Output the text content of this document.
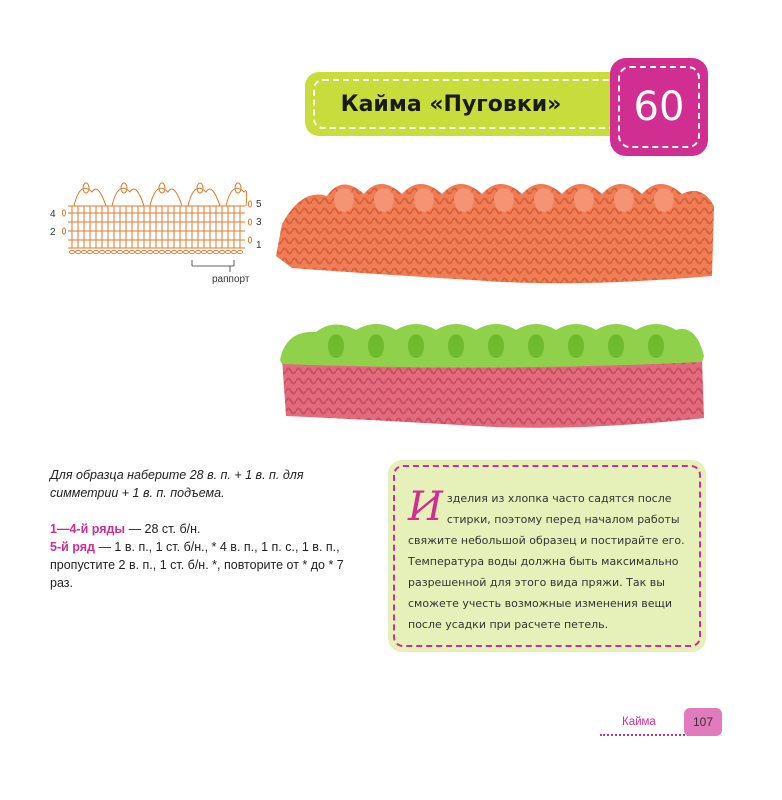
Кайма «Пуговки» 60
4
2
5
3
1
раппорт

Для образца наберите 28 в. п. + 1 в. п. для симметрии + 1 в. п. подъема.

1—4-й ряды — 28 ст. б/н.

5-й ряд — 1 в. п., 1 ст. б/н., * 4 в. п., 1 п. с., 1 в. п., пропустите 2 в. п., 1 ст. б/н. *, повторите от * до * 7 раз.

Изделия из хлопка часто садятся после стирки, поэтому перед началом работы свяжите небольшой образец и постирайте его. Температура воды должна быть максимально разрешенной для этого вида пряжи. Так вы сможете учесть возможные изменения вещи после усадки при расчете петель.
Кайма	107
